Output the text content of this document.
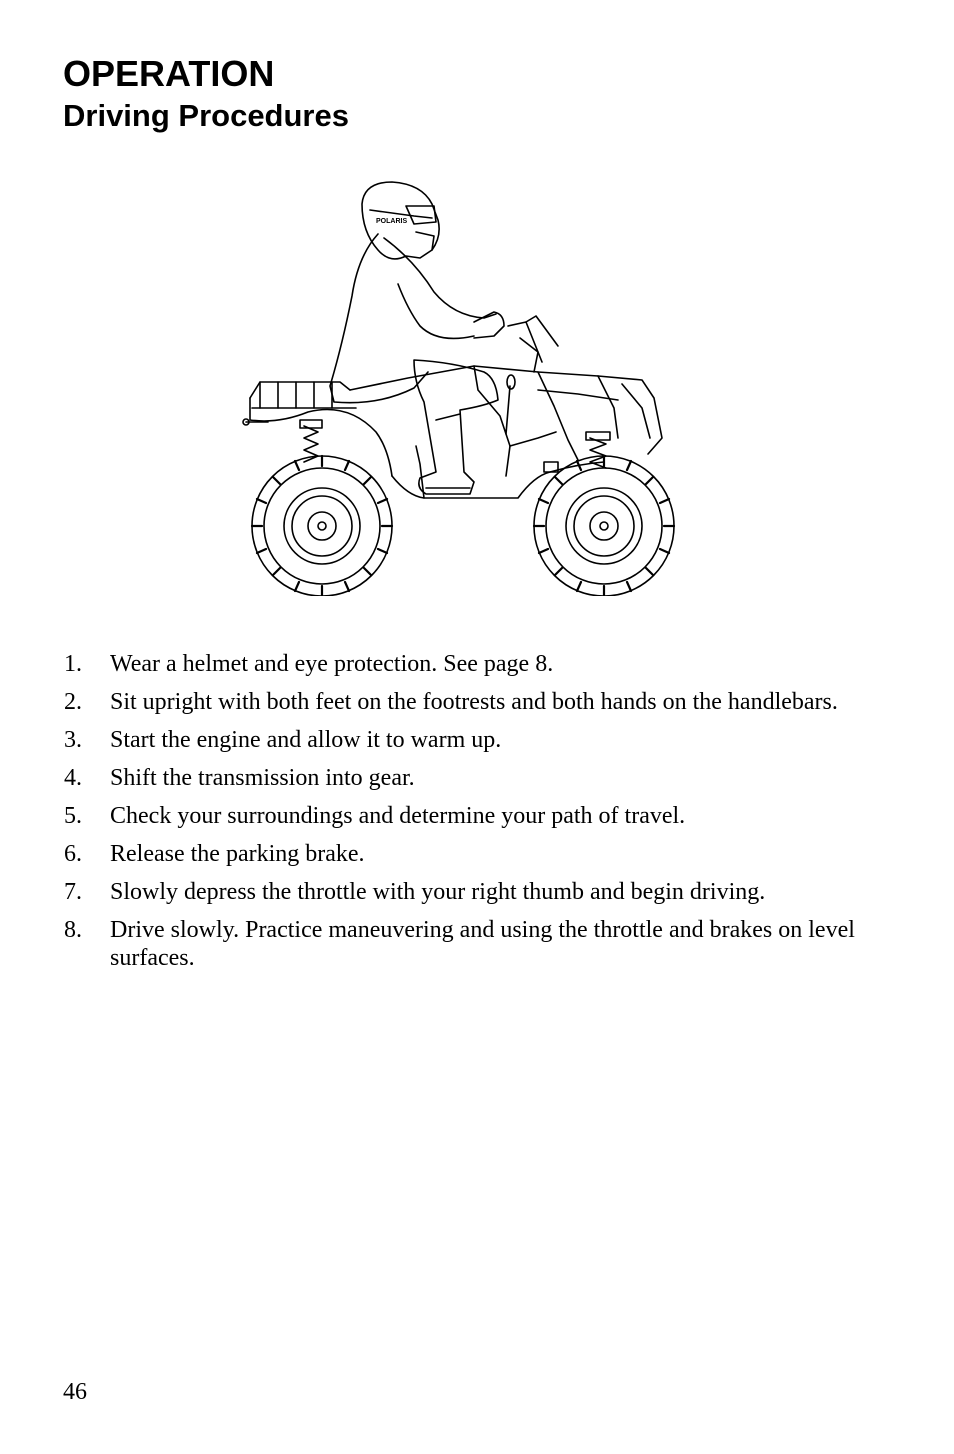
OPERATION
Driving Procedures
POLARIS
1. Wear a helmet and eye protection. See page 8.
2. Sit upright with both feet on the footrests and both hands on the handlebars.
3. Start the engine and allow it to warm up.
4. Shift the transmission into gear.
5. Check your surroundings and determine your path of travel.
6. Release the parking brake.
7. Slowly depress the throttle with your right thumb and begin driving.
8. Drive slowly. Practice maneuvering and using the throttle and brakes on level surfaces.
46
